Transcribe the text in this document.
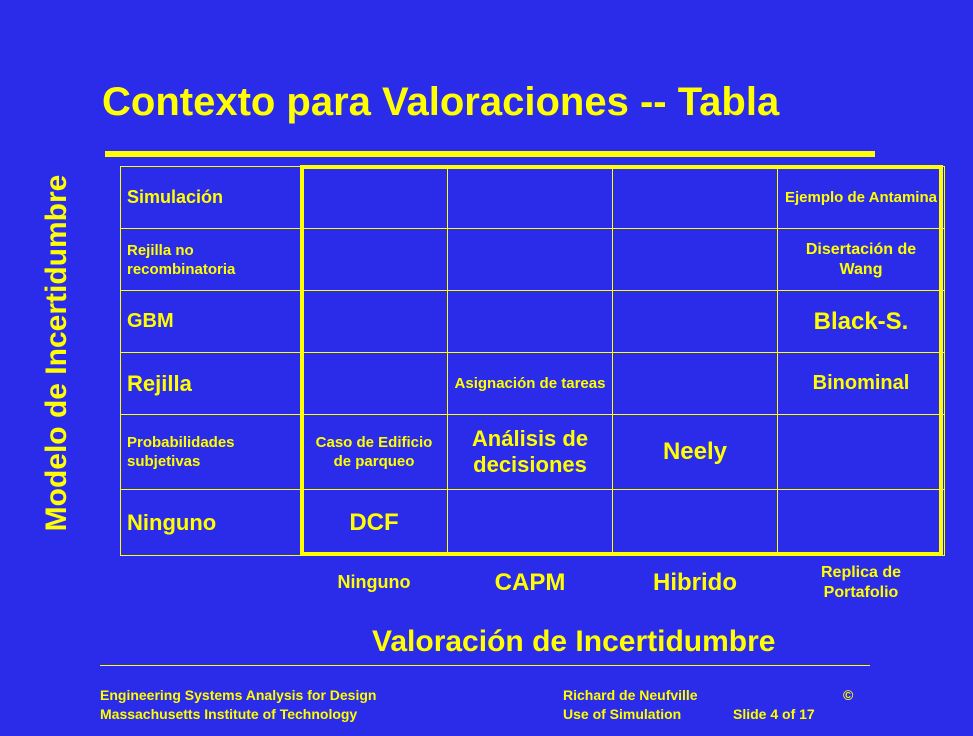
Contexto para Valoraciones -- Tabla
Modelo de Incertidumbre	Simulación				Ejemplo de Antamina
Rejilla no recombinatoria				Disertación de Wang
GBM				Black-S.
Rejilla		Asignación de tareas		Binominal
Probabilidades subjetivas	Caso de Edificio de parqueo	Análisis de decisiones	Neely	
Ninguno	DCF			
	Ninguno	CAPM	Hibrido	Replica de Portafolio
Valoración de Incertidumbre
Engineering Systems Analysis for Design
Massachusetts Institute of Technology
Richard de Neufville	©
Use of Simulation	Slide 4 of 17
